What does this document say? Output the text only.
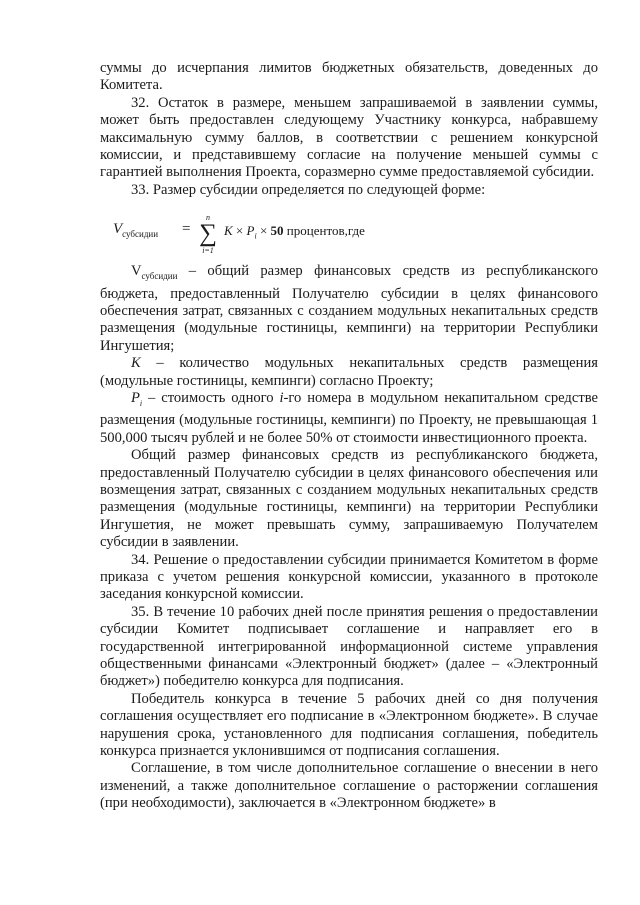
суммы до исчерпания лимитов бюджетных обязательств, доведенных до Комитета.

32. Остаток в размере, меньшем запрашиваемой в заявлении суммы, может быть предоставлен следующему Участнику конкурса, набравшему максимальную сумму баллов, в соответствии с решением конкурсной комиссии, и представившему согласие на получение меньшей суммы с гарантией выполнения Проекта, соразмерно сумме предоставляемой субсидии.

33. Размер субсидии определяется по следующей форме:

$V_{субсидии}$ =
n
∑
i=1
$K \times P_i \times 50$ процентов,где

$V_{субсидии}$ – общий размер финансовых средств из республиканского бюджета, предоставленный Получателю субсидии в целях финансового обеспечения затрат, связанных с созданием модульных некапитальных средств размещения (модульные гостиницы, кемпинги) на территории Республики Ингушетия;

K – количество модульных некапитальных средств размещения (модульные гостиницы, кемпинги) согласно Проекту;

$P_i$ – стоимость одного i-го номера в модульном некапитальном средстве размещения (модульные гостиницы, кемпинги) по Проекту, не превышающая 1 500,000 тысяч рублей и не более 50% от стоимости инвестиционного проекта.

Общий размер финансовых средств из республиканского бюджета, предоставленный Получателю субсидии в целях финансового обеспечения или возмещения затрат, связанных с созданием модульных некапитальных средств размещения (модульные гостиницы, кемпинги) на территории Республики Ингушетия, не может превышать сумму, запрашиваемую Получателем субсидии в заявлении.

34. Решение о предоставлении субсидии принимается Комитетом в форме приказа с учетом решения конкурсной комиссии, указанного в протоколе заседания конкурсной комиссии.

35. В течение 10 рабочих дней после принятия решения о предоставлении субсидии Комитет подписывает соглашение и направляет его в государственной интегрированной информационной системе управления общественными финансами «Электронный бюджет» (далее – «Электронный бюджет») победителю конкурса для подписания.

Победитель конкурса в течение 5 рабочих дней со дня получения соглашения осуществляет его подписание в «Электронном бюджете». В случае нарушения срока, установленного для подписания соглашения, победитель конкурса признается уклонившимся от подписания соглашения.

Соглашение, в том числе дополнительное соглашение о внесении в него изменений, а также дополнительное соглашение о расторжении соглашения (при необходимости), заключается в «Электронном бюджете» в
